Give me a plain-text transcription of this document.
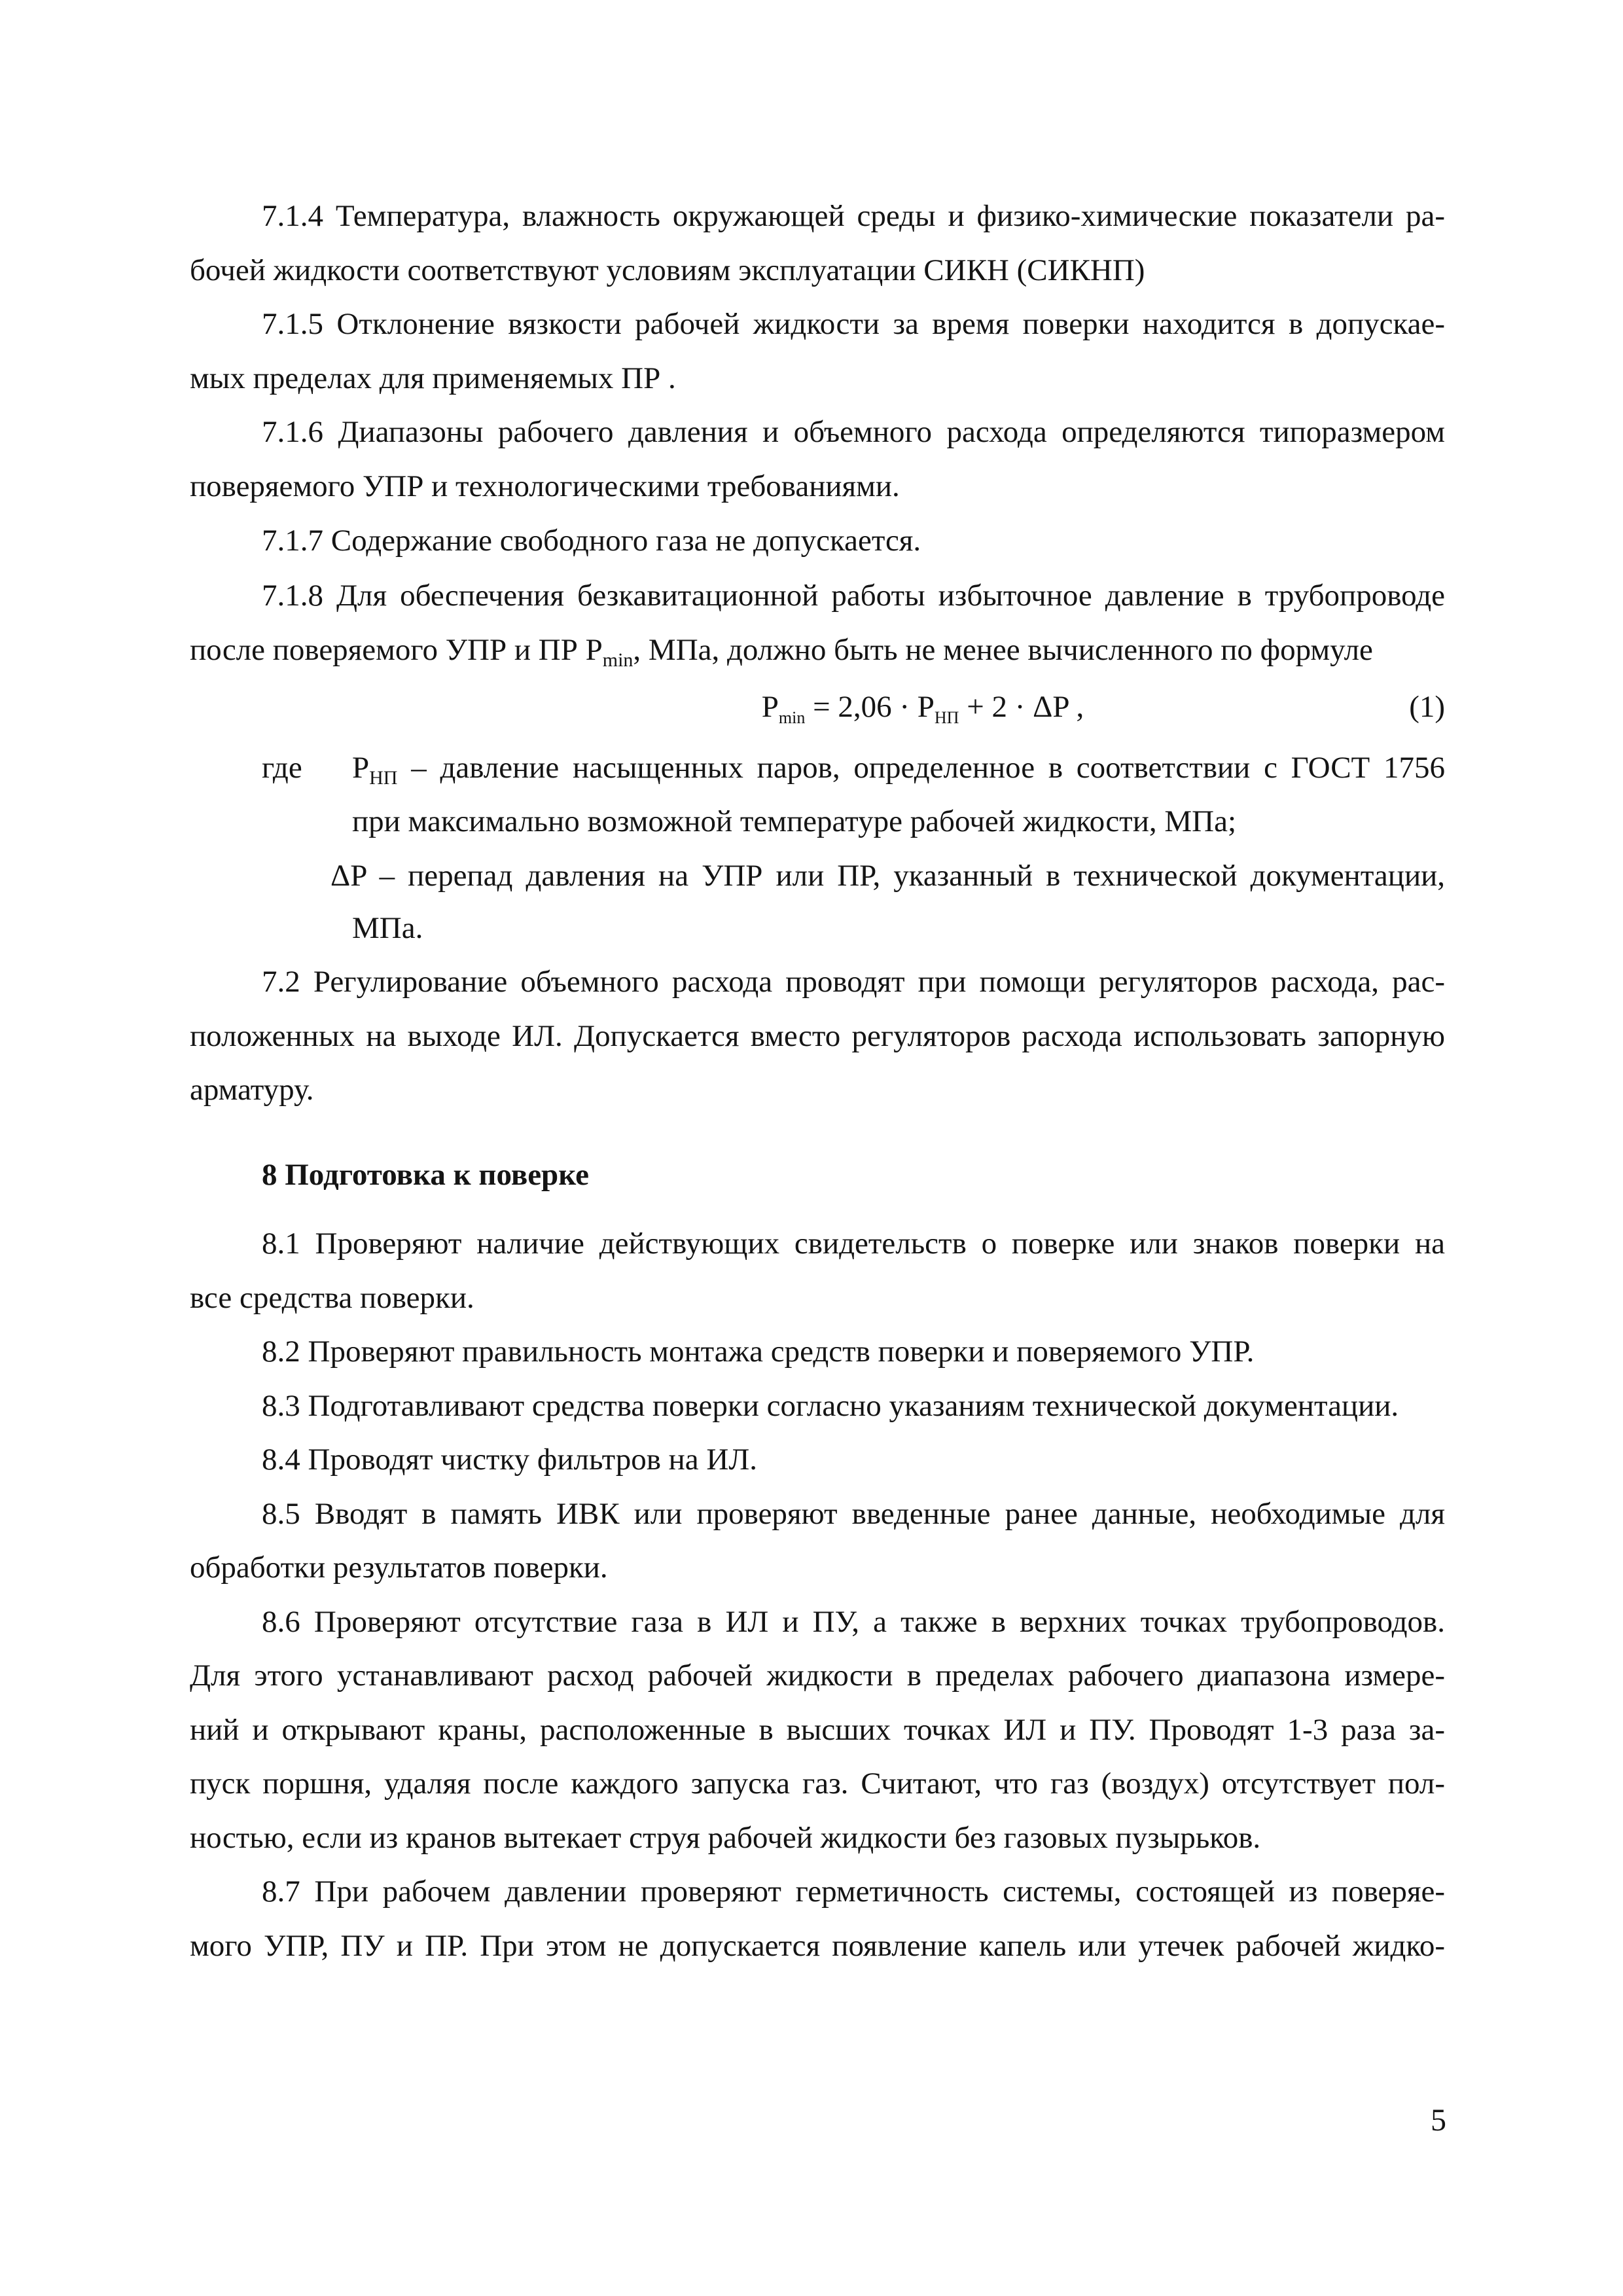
7.1.4 Температура, влажность окружающей среды и физико-химические показатели ра-
бочей жидкости соответствуют условиям эксплуатации СИКН (СИКНП)
7.1.5 Отклонение вязкости рабочей жидкости за время поверки находится в допускае-
мых пределах для применяемых ПР .
7.1.6 Диапазоны рабочего давления и объемного расхода определяются типоразмером
поверяемого УПР и технологическими требованиями.
7.1.7 Содержание свободного газа не допускается.
7.1.8 Для обеспечения безкавитационной работы избыточное давление в трубопроводе
после поверяемого УПР и ПР $P_{min}$, МПа, должно быть не менее вычисленного по формуле
$P_{min} = 2,06 \cdot P_{НП} + 2 \cdot \Delta P$ ,	(1)
где $P_{НП}$ – давление насыщенных паров, определенное в соответствии с ГОСТ 1756
при максимально возможной температуре рабочей жидкости, МПа;
ΔP – перепад давления на УПР или ПР, указанный в технической документации,
МПа.
7.2 Регулирование объемного расхода проводят при помощи регуляторов расхода, рас-
положенных на выходе ИЛ. Допускается вместо регуляторов расхода использовать запорную
арматуру.
8 Подготовка к поверке
8.1 Проверяют наличие действующих свидетельств о поверке или знаков поверки на
все средства поверки.
8.2 Проверяют правильность монтажа средств поверки и поверяемого УПР.
8.3 Подготавливают средства поверки согласно указаниям технической документации.
8.4 Проводят чистку фильтров на ИЛ.
8.5 Вводят в память ИВК или проверяют введенные ранее данные, необходимые для
обработки результатов поверки.
8.6 Проверяют отсутствие газа в ИЛ и ПУ, а также в верхних точках трубопроводов.
Для этого устанавливают расход рабочей жидкости в пределах рабочего диапазона измере-
ний и открывают краны, расположенные в высших точках ИЛ и ПУ. Проводят 1-3 раза за-
пуск поршня, удаляя после каждого запуска газ. Считают, что газ (воздух) отсутствует пол-
ностью, если из кранов вытекает струя рабочей жидкости без газовых пузырьков.
8.7 При рабочем давлении проверяют герметичность системы, состоящей из поверяе-
мого УПР, ПУ и ПР. При этом не допускается появление капель или утечек рабочей жидко-
5
